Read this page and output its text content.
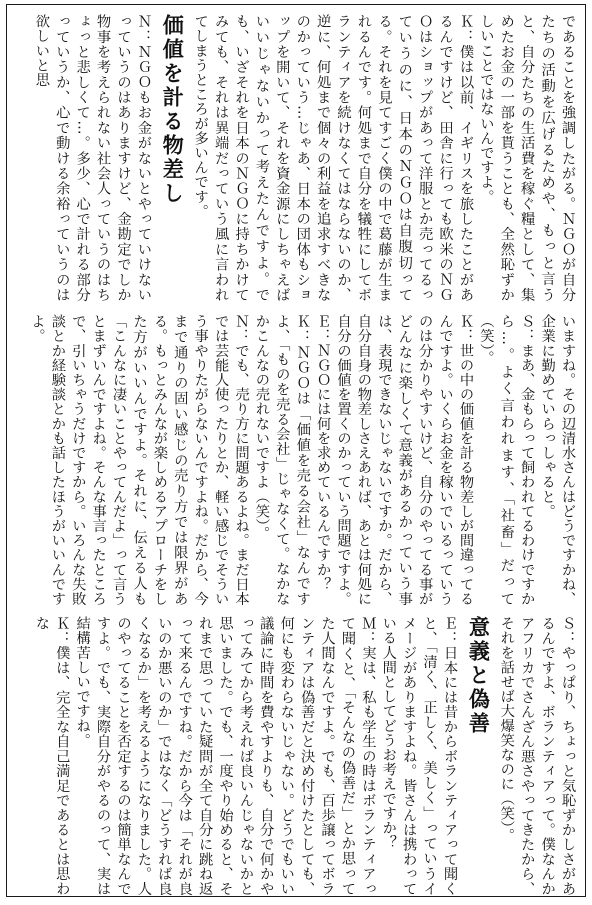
であることを強調したがる。ＮＧＯが自分たちの活動を広げるためや、もっと言うと、自分たちの生活費を稼ぐ糧として、集めたお金の一部を貰うことも、全然恥ずかしいことではないんですよ。
Ｋ：僕は以前、イギリスを旅したことがあるんですけど、田舎に行っても欧米のＮＧＯはショップがあって洋服とか売ってるっていうのに、日本のＮＧＯは自腹切ってる。それを見てすごく僕の中で葛藤が生まれるんです。何処まで自分を犠牲にしてボランティアを続けなくてはならないのか、逆に、何処まで個々の利益を追求すべきなのかっていう…じゃあ、日本の団体もショップを開いて、それを資金源にしちゃえばいいじゃないかって考えたんですよ。でも、いざそれを日本のＮＧＯに持ちかけてみても、それは異端だっていう風に言われてしまうところが多いんです。
価値を計る物差し
Ｎ：ＮＧＯもお金がないとやっていけないっていうのはありますけど、金勘定でしか物事を考えられない社会人っていうのはちょっと悲しくて…。多少、心で計れる部分っていうか、心で動ける余裕っていうのは欲しいと思
いますね。その辺清水さんはどうですかね、企業に勤めていらっしゃると。
Ｓ：まあ、金もらって飼われてるわけですから…。よく言われます、「社畜」だって（笑）。
Ｋ：世の中の価値を計る物差しが間違ってるんですよ。いくらお金を稼いでいるっていうのは分かりやすいけど、自分のやってる事がどんなに楽しくて意義があるかっていう事は、表現できないじゃないですか。だから、自分自身の物差しさえあれば、あとは何処に自分の価値を置くのかっていう問題ですよ。
Ｅ：ＮＧＯには何を求めているんですか？
Ｋ：ＮＧＯは「価値を売る会社」なんですよ、「ものを売る会社」じゃなくて。なかなかこんなの売れないですよ（笑）。
Ｎ：でも、売り方に問題あるよね。まだ日本では芸能人使ったりとか、軽い感じでそういう事やりたがらないんですよね。だから、今まで通りの固い感じの売り方では限界がある。もっとみんなが楽しめるアプローチをした方がいいんですよ。それに、伝える人も「こんなに凄いことやってんだよ」って言うとまずいんですよね。そんな事言ったところで、引いちゃうだけですから。いろんな失敗談とか経験談とかも話したほうがいいんですよ。
Ｓ：やっぱり、ちょっと気恥ずかしさがあるんですよ、ボランティアって。僕なんかアフリカでさんざん悪さやってきたから、それを話せば大爆笑なのに（笑）。
意義と偽善
Ｅ：日本には昔からボランティアって聞くと、「清く、正しく、美しく」っていうイメージがありますよね。皆さんは携わっている人間としてどうお考えですか？
Ｍ：実は、私も学生の時はボランティアって聞くと、「そんなの偽善だ」とか思ってた人間なんですよ。でも、百歩譲ってボランティアは偽善だと決め付けたとしても、何にも変わらないじゃない。どうでもいい議論に時間を費やすよりも、自分で何かやってみてから考えれば良いんじゃないかと思いました。でも、一度やり始めると、それまで思っていた疑問が全て自分に跳ね返って来るんですね。だから今は「それが良いのか悪いのか」ではなく「どうすれば良くなるか」を考えるようになりました。人のやってることを否定するのは簡単なんですよ。でも、実際自分がやるのって、実は結構苦しいですね。
Ｋ：僕は、完全な自己満足であるとは思わな
